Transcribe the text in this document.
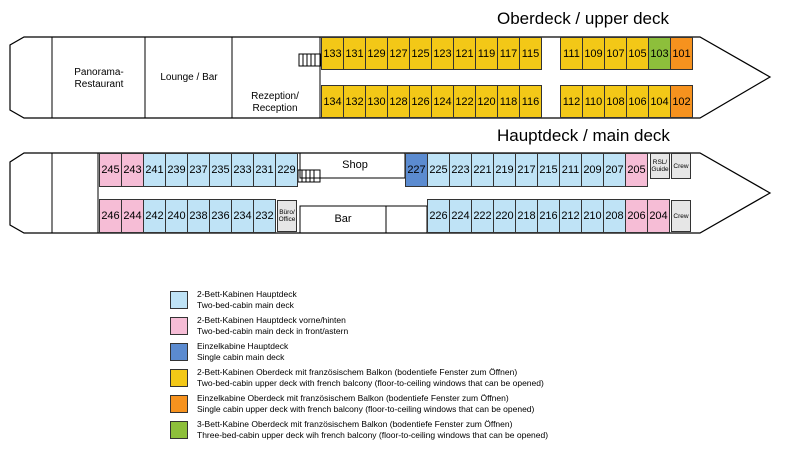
Oberdeck / upper deck
Hauptdeck / main deck
Panorama-
Restaurant
Lounge / Bar
Rezeption/
Reception
Shop
Bar
RSL/
Guide Crew
Büro/
Office	Crew
133 131 129 127 125 123 121 119 117 115 111 109 107 105 103 101
134 132 130 128 126 124 122 120 118 116 112 110 108 106 104 102
245 243 241 239 237 235 233 231 229	227 225 223 221 219 217 215 211 209 207 205
246 244 242 240 238 236 234 232	226 224 222 220 218 216 212 210 208 206 204
2-Bett-Kabinen Hauptdeck
Two-bed-cabin main deck
2-Bett-Kabinen Hauptdeck vorne/hinten
Two-bed-cabin main deck in front/astern
Einzelkabine Hauptdeck
Single cabin main deck
2-Bett-Kabinen Oberdeck mit französischem Balkon (bodentiefe Fenster zum Öffnen)
Two-bed-cabin upper deck with french balcony (floor-to-ceiling windows that can be opened)
Einzelkabine Oberdeck mit französischem Balkon (bodentiefe Fenster zum Öffnen)
Single cabin upper deck with french balcony (floor-to-ceiling windows that can be opened)
3-Bett-Kabine Oberdeck mit französischem Balkon (bodentiefe Fenster zum Öffnen)
Three-bed-cabin upper deck wih french balcony (floor-to-ceiling windows that can be opened)
